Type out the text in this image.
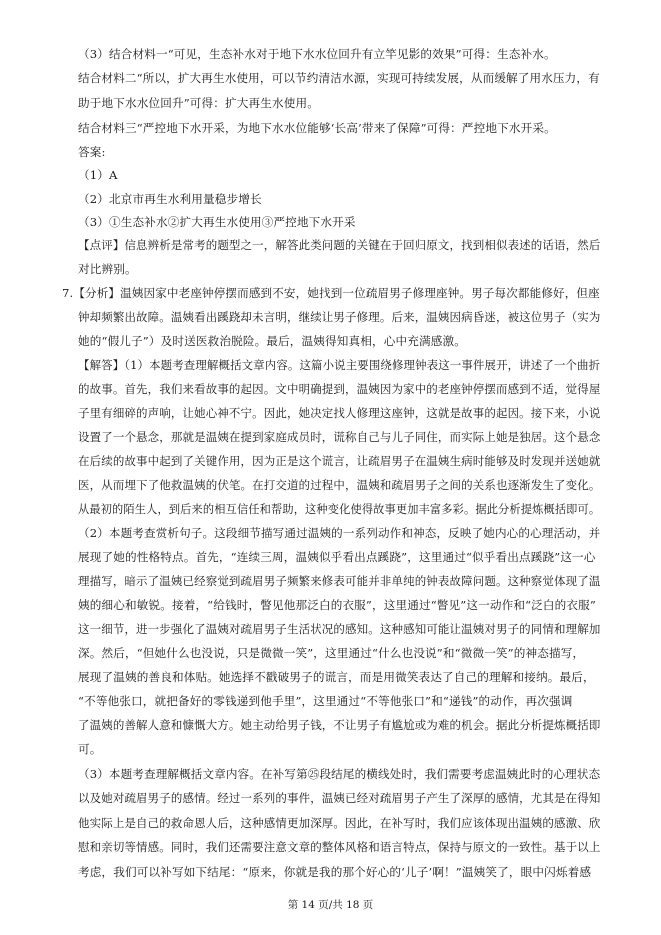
（3）结合材料一“可见，生态补水对于地下水水位回升有立竿见影的效果”可得：生态补水。
结合材料二“所以，扩大再生水使用，可以节约清洁水源，实现可持续发展，从而缓解了用水压力，有
助于地下水水位回升”可得：扩大再生水使用。
结合材料三“严控地下水开采，为地下水水位能够‘长高’带来了保障”可得：严控地下水开采。
答案:
（1）A
（2）北京市再生水利用量稳步增长
（3）①生态补水②扩大再生水使用③严控地下水开采
【点评】信息辨析是常考的题型之一，解答此类问题的关键在于回归原文，找到相似表述的话语，然后
对比辨别。
7.【分析】温姨因家中老座钟停摆而感到不安，她找到一位疏眉男子修理座钟。男子每次都能修好，但座
钟却频繁出故障。温姨看出蹊跷却未言明，继续让男子修理。后来，温姨因病昏迷，被这位男子（实为
她的“假儿子”）及时送医救治脱险。最后，温姨得知真相，心中充满感激。
【解答】（1）本题考查理解概括文章内容。这篇小说主要围绕修理钟表这一事件展开，讲述了一个曲折
的故事。首先，我们来看故事的起因。文中明确提到，温姨因为家中的老座钟停摆而感到不适，觉得屋
子里有细碎的声响，让她心神不宁。因此，她决定找人修理这座钟，这就是故事的起因。接下来，小说
设置了一个悬念，那就是温姨在提到家庭成员时，谎称自己与儿子同住，而实际上她是独居。这个悬念
在后续的故事中起到了关键作用，因为正是这个谎言，让疏眉男子在温姨生病时能够及时发现并送她就
医，从而埋下了他救温姨的伏笔。在打交道的过程中，温姨和疏眉男子之间的关系也逐渐发生了变化。
从最初的陌生人，到后来的相互信任和帮助，这种变化使得故事更加丰富多彩。据此分析提炼概括即可。
（2）本题考查赏析句子。这段细节描写通过温姨的一系列动作和神态，反映了她内心的心理活动，并
展现了她的性格特点。首先，“连续三周，温姨似乎看出点蹊跷”，这里通过“似乎看出点蹊跷”这一心
理描写，暗示了温姨已经察觉到疏眉男子频繁来修表可能并非单纯的钟表故障问题。这种察觉体现了温
姨的细心和敏锐。接着，“给钱时，瞥见他那泛白的衣服”，这里通过“瞥见”这一动作和“泛白的衣服”
这一细节，进一步强化了温姨对疏眉男子生活状况的感知。这种感知可能让温姨对男子的同情和理解加
深。然后，“但她什么也没说，只是微微一笑”，这里通过“什么也没说”和“微微一笑”的神态描写，
展现了温姨的善良和体贴。她选择不戳破男子的谎言，而是用微笑表达了自己的理解和接纳。最后，
“不等他张口，就把备好的零钱递到他手里”，这里通过“不等他张口”和“递钱”的动作，再次强调
了温姨的善解人意和慷慨大方。她主动给男子钱，不让男子有尴尬或为难的机会。据此分析提炼概括即
可。
（3）本题考查理解概括文章内容。在补写第㉕段结尾的横线处时，我们需要考虑温姨此时的心理状态
以及她对疏眉男子的感情。经过一系列的事件，温姨已经对疏眉男子产生了深厚的感情，尤其是在得知
他实际上是自己的救命恩人后，这种感情更加深厚。因此，在补写时，我们应该体现出温姨的感激、欣
慰和亲切等情感。同时，我们还需要注意文章的整体风格和语言特点，保持与原文的一致性。基于以上
考虑，我们可以补写如下结尾：“原来，你就是我的那个好心的‘儿子’啊！”温姨笑了，眼中闪烁着感
第 14 页/共 18 页
